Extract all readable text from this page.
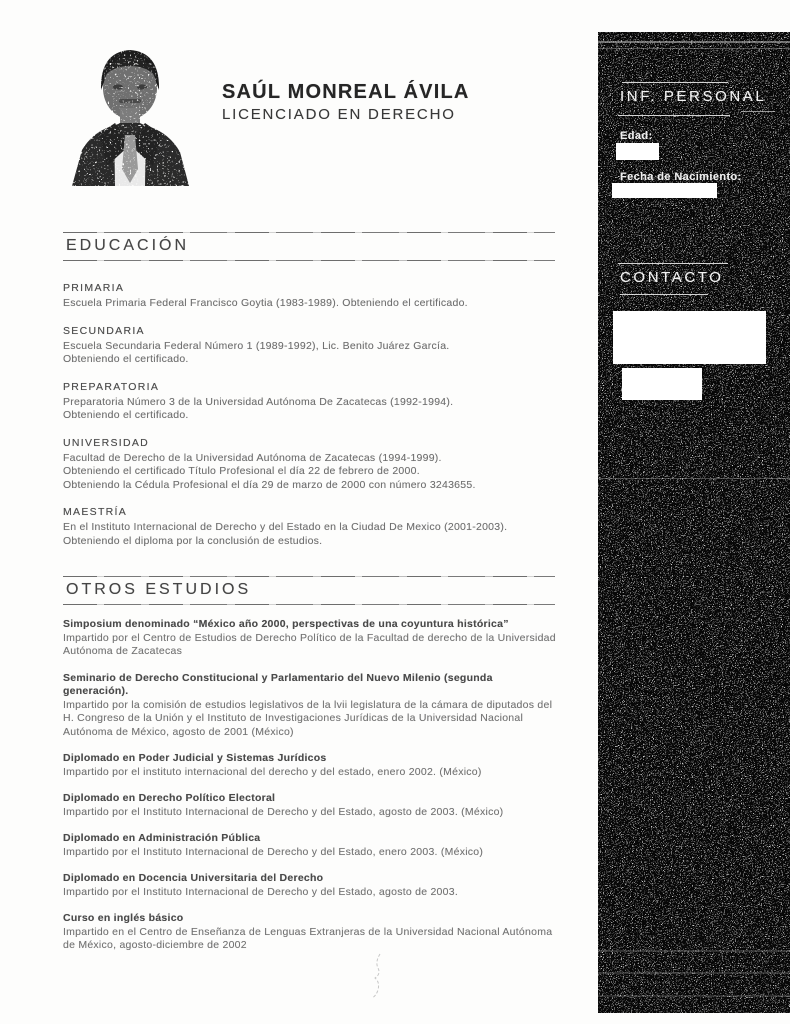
SAÚL MONREAL ÁVILA
LICENCIADO EN DERECHO
EDUCACIÓN
PRIMARIA
Escuela Primaria Federal Francisco Goytia (1983-1989). Obteniendo el certificado.
SECUNDARIA
Escuela Secundaria Federal Número 1 (1989-1992), Lic. Benito Juárez García.
Obteniendo el certificado.
PREPARATORIA
Preparatoria Número 3 de la Universidad Autónoma De Zacatecas (1992-1994).
Obteniendo el certificado.
UNIVERSIDAD
Facultad de Derecho de la Universidad Autónoma de Zacatecas (1994-1999).
Obteniendo el certificado Título Profesional el día 22 de febrero de 2000.
Obteniendo la Cédula Profesional el día 29 de marzo de 2000 con número 3243655.
MAESTRÍA
En el Instituto Internacional de Derecho y del Estado en la Ciudad De Mexico (2001-2003).
Obteniendo el diploma por la conclusión de estudios.
OTROS ESTUDIOS
Simposium denominado “México año 2000, perspectivas de una coyuntura histórica”
Impartido por el Centro de Estudios de Derecho Político de la Facultad de derecho de la Universidad Autónoma de Zacatecas
Seminario de Derecho Constitucional y Parlamentario del Nuevo Milenio (segunda generación).
Impartido por la comisión de estudios legislativos de la lvii legislatura de la cámara de diputados del H. Congreso de la Unión y el Instituto de Investigaciones Jurídicas de la Universidad Nacional Autónoma de México, agosto de 2001 (México)
Diplomado en Poder Judicial y Sistemas Jurídicos
Impartido por el instituto internacional del derecho y del estado, enero 2002. (México)
Diplomado en Derecho Político Electoral
Impartido por el Instituto Internacional de Derecho y del Estado, agosto de 2003. (México)
Diplomado en Administración Pública
Impartido por el Instituto Internacional de Derecho y del Estado, enero 2003. (México)
Diplomado en Docencia Universitaria del Derecho
Impartido por el Instituto Internacional de Derecho y del Estado, agosto de 2003.
Curso en inglés básico
Impartido en el Centro de Enseñanza de Lenguas Extranjeras de la Universidad Nacional Autónoma de México, agosto-diciembre de 2002
INF. PERSONAL
Edad:
Fecha de Nacimiento:
CONTACTO
